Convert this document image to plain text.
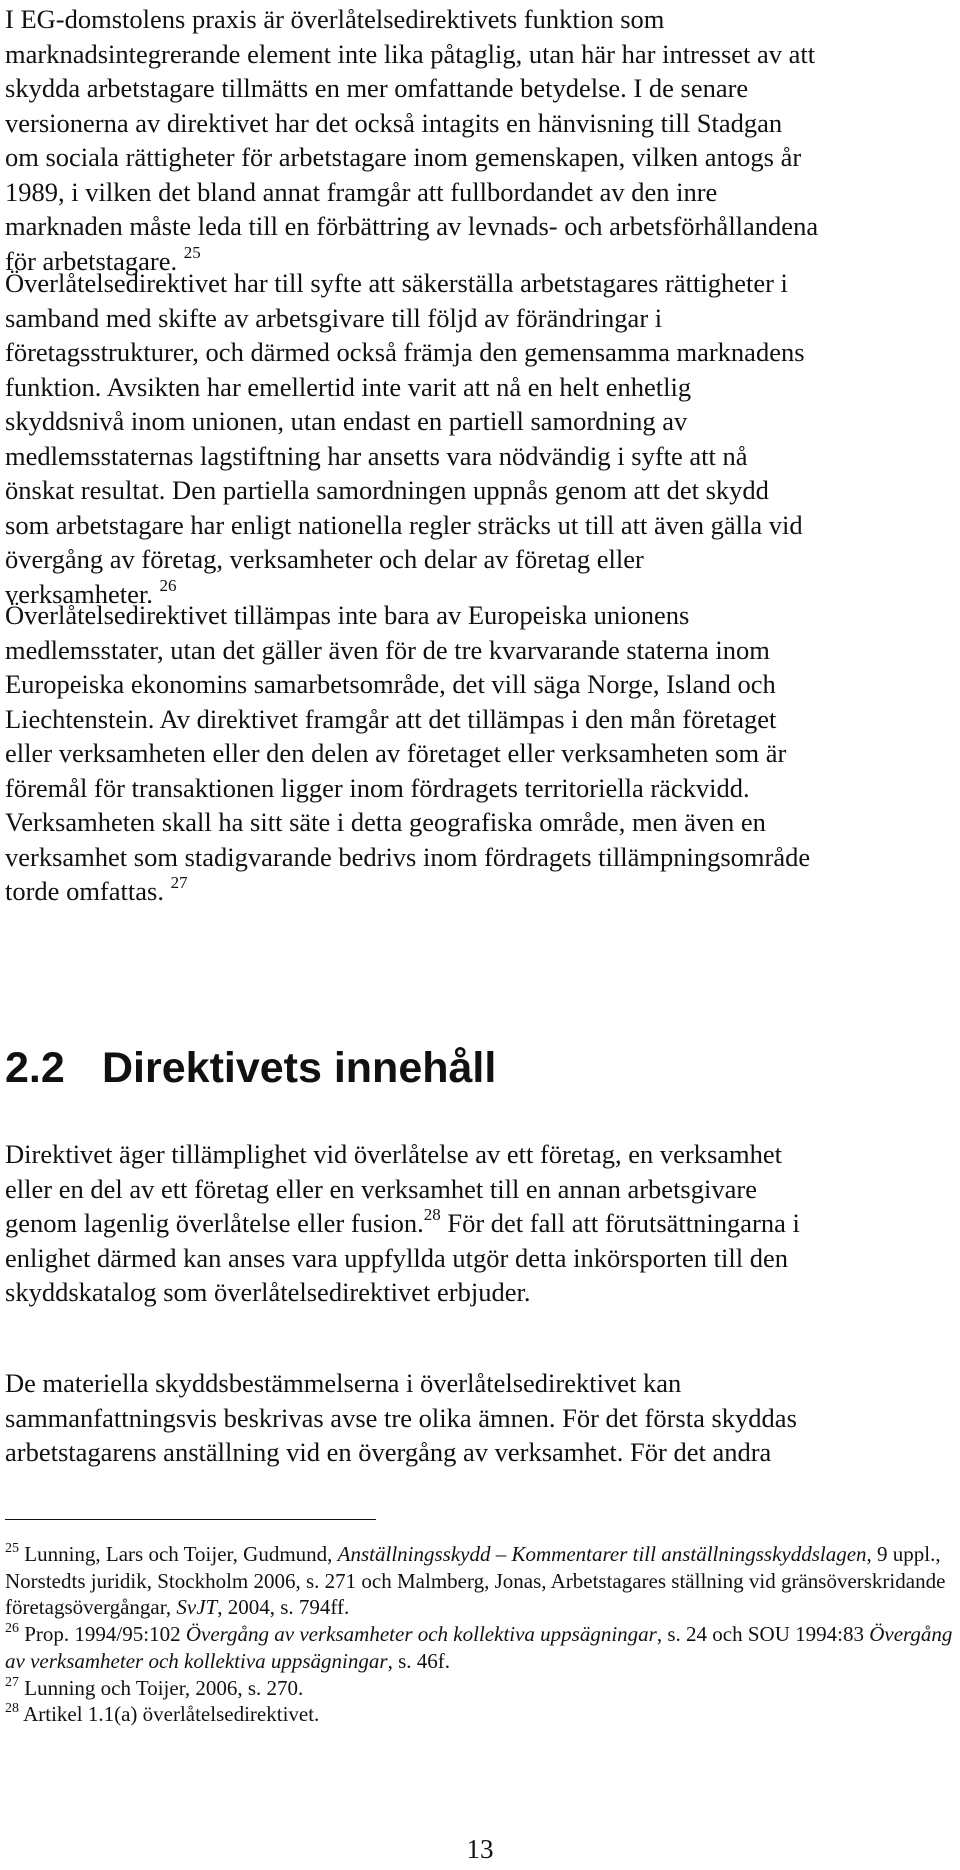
I EG-domstolens praxis är överlåtelsedirektivets funktion som
marknadsintegrerande element inte lika påtaglig, utan här har intresset av att
skydda arbetstagare tillmätts en mer omfattande betydelse. I de senare
versionerna av direktivet har det också intagits en hänvisning till Stadgan
om sociala rättigheter för arbetstagare inom gemenskapen, vilken antogs år
1989, i vilken det bland annat framgår att fullbordandet av den inre
marknaden måste leda till en förbättring av levnads- och arbetsförhållandena
för arbetstagare. $^{25}$

Överlåtelsedirektivet har till syfte att säkerställa arbetstagares rättigheter i
samband med skifte av arbetsgivare till följd av förändringar i
företagsstrukturer, och därmed också främja den gemensamma marknadens
funktion. Avsikten har emellertid inte varit att nå en helt enhetlig
skyddsnivå inom unionen, utan endast en partiell samordning av
medlemsstaternas lagstiftning har ansetts vara nödvändig i syfte att nå
önskat resultat. Den partiella samordningen uppnås genom att det skydd
som arbetstagare har enligt nationella regler sträcks ut till att även gälla vid
övergång av företag, verksamheter och delar av företag eller
verksamheter. $^{26}$

Överlåtelsedirektivet tillämpas inte bara av Europeiska unionens
medlemsstater, utan det gäller även för de tre kvarvarande staterna inom
Europeiska ekonomins samarbetsområde, det vill säga Norge, Island och
Liechtenstein. Av direktivet framgår att det tillämpas i den mån företaget
eller verksamheten eller den delen av företaget eller verksamheten som är
föremål för transaktionen ligger inom fördragets territoriella räckvidd.
Verksamheten skall ha sitt säte i detta geografiska område, men även en
verksamhet som stadigvarande bedrivs inom fördragets tillämpningsområde
torde omfattas. $^{27}$

2.2 Direktivets innehåll

Direktivet äger tillämplighet vid överlåtelse av ett företag, en verksamhet
eller en del av ett företag eller en verksamhet till en annan arbetsgivare
genom lagenlig överlåtelse eller fusion.$^{28}$ För det fall att förutsättningarna i
enlighet därmed kan anses vara uppfyllda utgör detta inkörsporten till den
skyddskatalog som överlåtelsedirektivet erbjuder.

De materiella skyddsbestämmelserna i överlåtelsedirektivet kan
sammanfattningsvis beskrivas avse tre olika ämnen. För det första skyddas
arbetstagarens anställning vid en övergång av verksamhet. För det andra

$^{25}$ Lunning, Lars och Toijer, Gudmund, Anställningsskydd – Kommentarer till anställningsskyddslagen, 9 uppl., Norstedts juridik, Stockholm 2006, s. 271 och Malmberg, Jonas, Arbetstagares ställning vid gränsöverskridande företagsövergångar, SvJT, 2004, s. 794ff.

$^{26}$ Prop. 1994/95:102 Övergång av verksamheter och kollektiva uppsägningar, s. 24 och SOU 1994:83 Övergång av verksamheter och kollektiva uppsägningar, s. 46f.

$^{27}$ Lunning och Toijer, 2006, s. 270.

$^{28}$ Artikel 1.1(a) överlåtelsedirektivet.

13
